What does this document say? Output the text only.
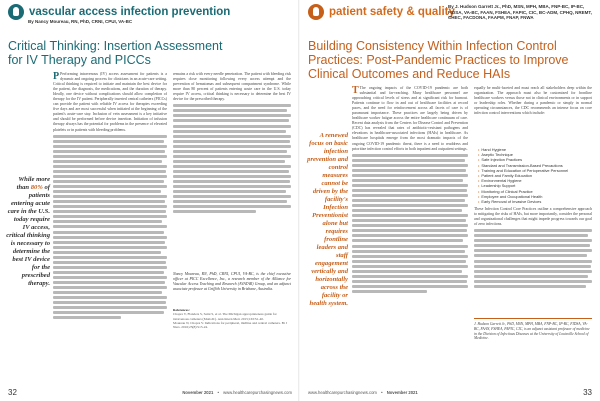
vascular access infection prevention
By Nancy Moureau, RN, PhD, CRNI, CPUI, VA-BC
Critical Thinking: Insertion Assessment
for IV Therapy and PICCs
While more than 80% of patients entering acute care in the U.S. today require IV access, critical thinking is necessary to determine the best IV device for the prescribed therapy.
P Performing intravenous (IV) access assessment for patients is a dynamic and ongoing process for clinicians in an acute-care setting. Critical thinking is required to initiate and maintain the best device for the patient, the diagnosis, the medications, and the duration of therapy. Ideally, one device without complications should allow completion of therapy for the IV patient. Peripherally inserted central catheters (PICCs) can provide the patient with reliable IV access for therapies exceeding five days and are most successful when initiated at the beginning of the patient's acute-care stay. Inclusion of vein assessment is a key initiative and should be performed before device insertion. Initiation of infusion therapy always has the potential for problems in the presence of elevated platelets or in patients with bleeding problems.
remains a risk with every needle penetration. The patient with bleeding risk requires close monitoring following every access attempt and the prevention of hematomas and subsequent compartment syndrome. While more than 80 percent of patients entering acute care in the U.S. today require IV access, critical thinking is necessary to determine the best IV device for the prescribed therapy.
Nancy Moureau, RN, PhD, CRNI, CPUI, VA-BC, is the chief executive officer at PICC Excellence, Inc., a research member of the Alliance for Vascular Access Teaching and Research (AVATAR) Group, and an adjunct associate professor at Griffith University in Brisbane, Australia.
References:
Chopra V, Flanders S, Saint S, et al. The Michigan appropriateness guide for intravenous catheters (MAGIC). Ann Intern Med. 2015;163:S1-40.
Moureau N, Chopra V. Indications for peripheral, midline and central catheters. Br J Nurs. 2016;25(8):S15-24.
32	November 2021 • www.healthcarepurchasingnews.com
patient safety & quality
By J. Hudson Garrett Jr., PhD, MSN, MPH, MBA, FNP-BC, IP-BC, FIDSA, VA-BC, FAAN, FSHEA, FAPIC, CIC, BC-ADM, CPHQ, NREMT, CHEC, FACDONA, FAAPM, FNAP, FNWA
Building Consistency Within Infection Control
Practices: Post-Pandemic Practices to Improve
Clinical Outcomes and Reduce HAIs
A renewed focus on basic infection prevention and control measures cannot be driven by the facility's Infection Preventionist alone but requires frontline leaders and staff engagement vertically and horizontally across the facility or health system.
T The ongoing impacts of the COVID-19 pandemic are both substantial and far-reaching. Many healthcare personnel are approaching critical levels of stress and at significant risk for burnout. Patients continue to flow in and out of healthcare facilities at record paces, and the need for reinforcement across all facets of care is of paramount importance. These practices are largely being driven by healthcare worker fatigue across the entire healthcare continuum of care. Recent data analysis from the Centers for Disease Control and Prevention (CDC) has revealed that rates of antibiotic-resistant pathogens and elevations in healthcare-associated infections (HAIs) in healthcare. As healthcare hospitals emerge from the most dramatic impacts of the ongoing COVID-19 pandemic threat, there is a need to readdress and prioritize infection control efforts in both inpatient and outpatient settings.
equally be multi-faceted and must reach all stakeholders deep within the organization. The approach must also be customized for frontline healthcare workers versus those not in clinical environments or in support or leadership roles. Whether during a pandemic or simply in normal operating circumstances, the CDC recommends an intense focus on core infection control interventions which include:
• Hand Hygiene
• Aseptic Technique
• Safe Injection Practices
• Standard and Transmission-Based Precautions
• Training and Education of Perioperative Personnel
• Patient and Family Education
• Environmental Hygiene
• Leadership Support
• Monitoring of Clinical Practice
• Employee and Occupational Health
• Early Removal of Invasive Devices
These Infection Control Core Practices outline a comprehensive approach to mitigating the risks of HAIs, but more importantly, consider the personal and organizational challenges that might impede progress towards our goal of zero infections.
J. Hudson Garrett Jr., PhD, MSN, MPH, MBA, FNP-BC, IP-BC, FIDSA, VA-BC, FAAN, FSHEA, FAPIC, CIC, is an adjunct assistant professor of medicine in the Division of Infectious Diseases at the University of Louisville School of Medicine.
www.healthcarepurchasingnews.com • November 2021	33
